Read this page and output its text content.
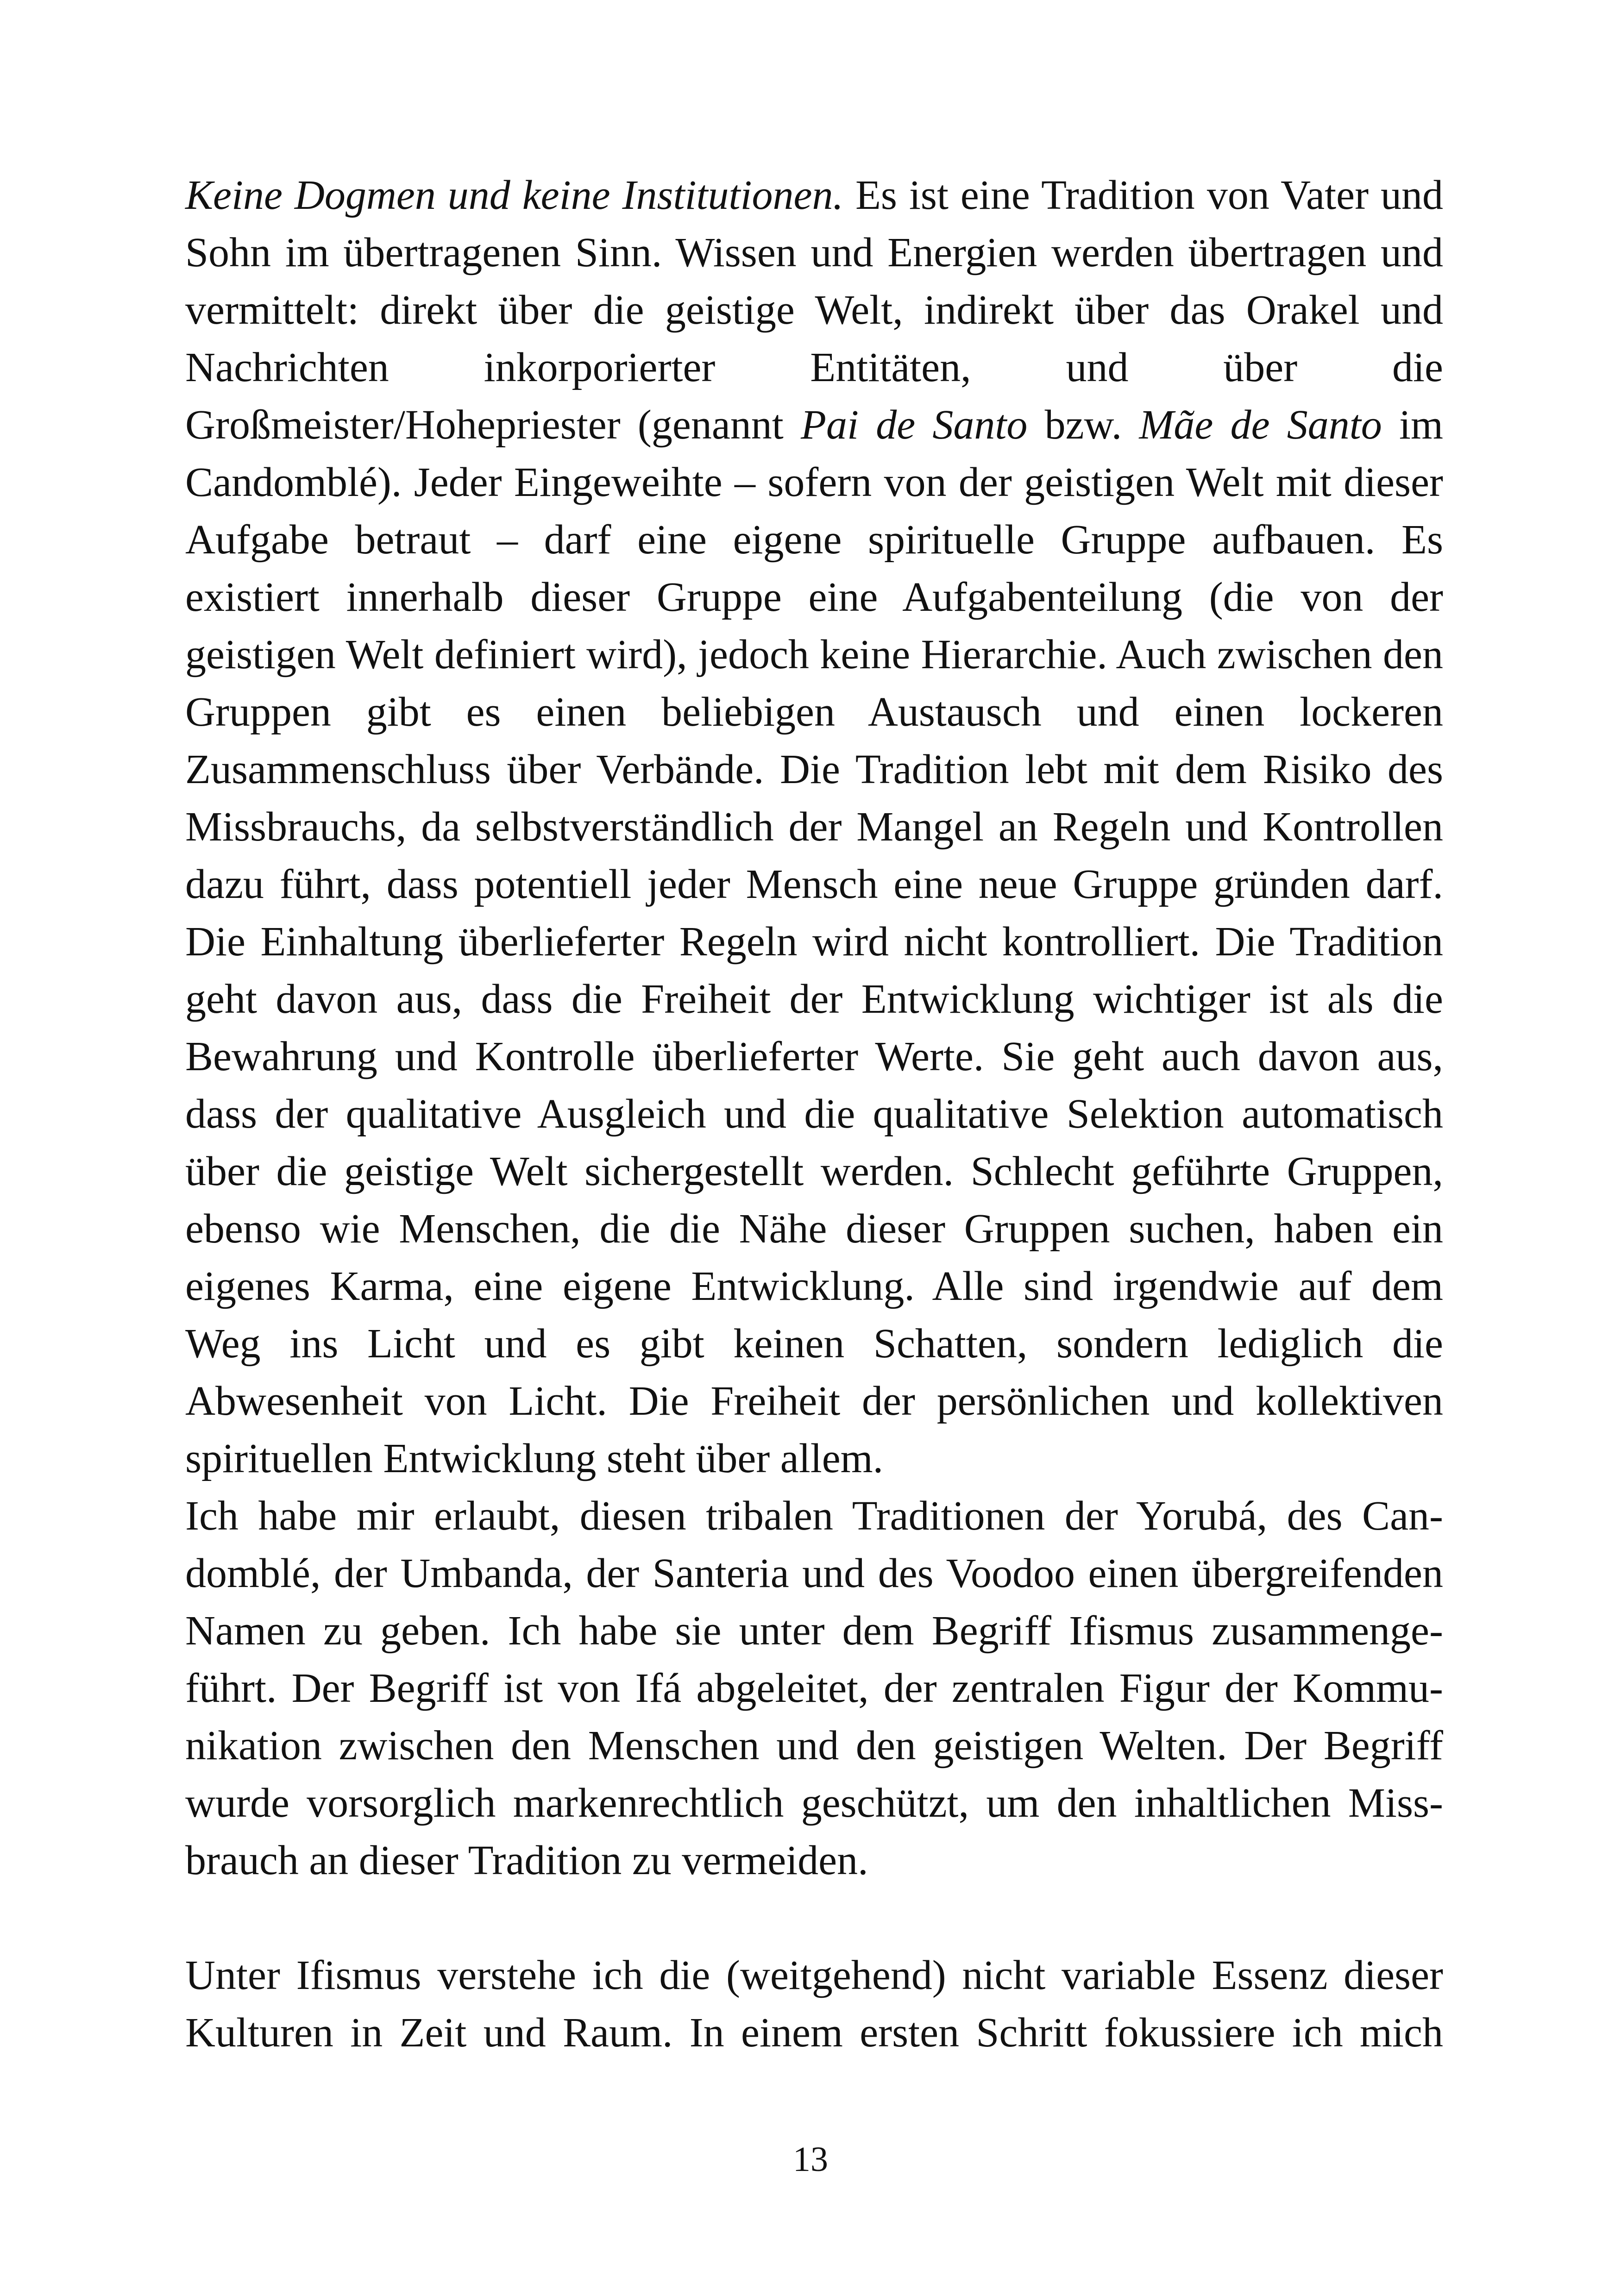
Keine Dogmen und keine Institutionen. Es ist eine Tradition von Vater und Sohn im übertragenen Sinn. Wissen und Energien werden übertragen und vermittelt: direkt über die geistige Welt, indirekt über das Orakel und Nachrichten inkorporierter Entitäten, und über die Großmeister/Hohepriester (genannt Pai de Santo bzw. Mãe de Santo im Candomblé). Jeder Eingeweihte – sofern von der geistigen Welt mit dieser Aufgabe betraut – darf eine eigene spirituelle Gruppe aufbauen. Es existiert innerhalb dieser Gruppe eine Aufgabenteilung (die von der geistigen Welt definiert wird), jedoch keine Hierarchie. Auch zwischen den Gruppen gibt es einen beliebigen Austausch und einen lockeren Zusammenschluss über Verbände. Die Tradition lebt mit dem Risiko des Missbrauchs, da selbstverständlich der Mangel an Regeln und Kontrollen dazu führt, dass potentiell jeder Mensch eine neue Gruppe gründen darf. Die Einhaltung überlieferter Regeln wird nicht kontrolliert. Die Tradition geht davon aus, dass die Freiheit der Entwicklung wichtiger ist als die Bewahrung und Kontrolle überlieferter Werte. Sie geht auch davon aus, dass der qualitative Ausgleich und die qualitative Selektion automatisch über die geistige Welt sichergestellt werden. Schlecht geführte Gruppen, ebenso wie Menschen, die die Nähe dieser Gruppen suchen, haben ein eigenes Karma, eine eigene Entwicklung. Alle sind irgendwie auf dem Weg ins Licht und es gibt keinen Schatten, sondern lediglich die Abwesenheit von Licht. Die Freiheit der persönlichen und kollektiven spirituellen Entwicklung steht über allem.

Ich habe mir erlaubt, diesen tribalen Traditionen der Yorubá, des Candomblé, der Umbanda, der Santeria und des Voodoo einen übergreifenden Namen zu geben. Ich habe sie unter dem Begriff Ifismus zusammengeführt. Der Begriff ist von Ifá abgeleitet, der zentralen Figur der Kommunikation zwischen den Menschen und den geistigen Welten. Der Begriff wurde vorsorglich markenrechtlich geschützt, um den inhaltlichen Missbrauch an dieser Tradition zu vermeiden.

Unter Ifismus verstehe ich die (weitgehend) nicht variable Essenz dieser Kulturen in Zeit und Raum. In einem ersten Schritt fokussiere ich mich

13
